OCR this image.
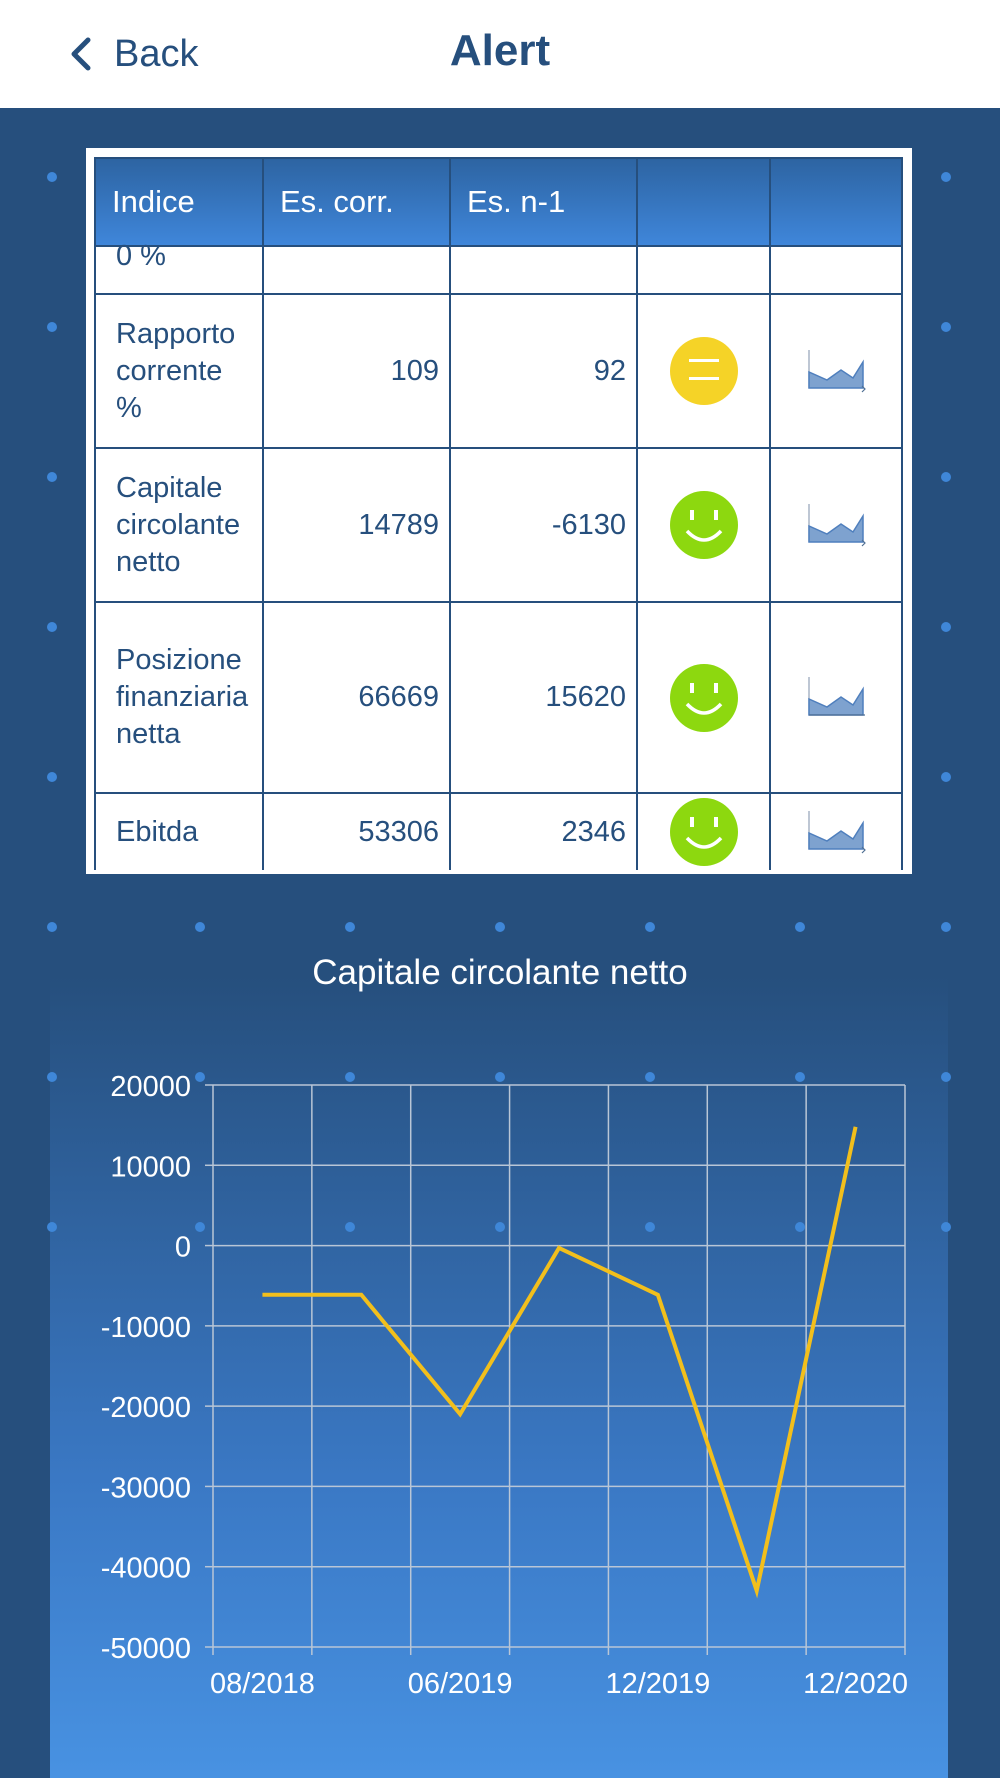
Back	Alert
Indice	Es. corr.	Es. n-1		

0 %				

Rapporto corrente %	109	92		
Capitale circolante netto	14789	-6130		
Posizione finanziaria netta	66669	15620		
Ebitda	53306	2346		
Capitale circolante netto
20000
10000
0
-10000
-20000
-30000
-40000
-50000
08/2018	06/2019	12/2019	12/2020
